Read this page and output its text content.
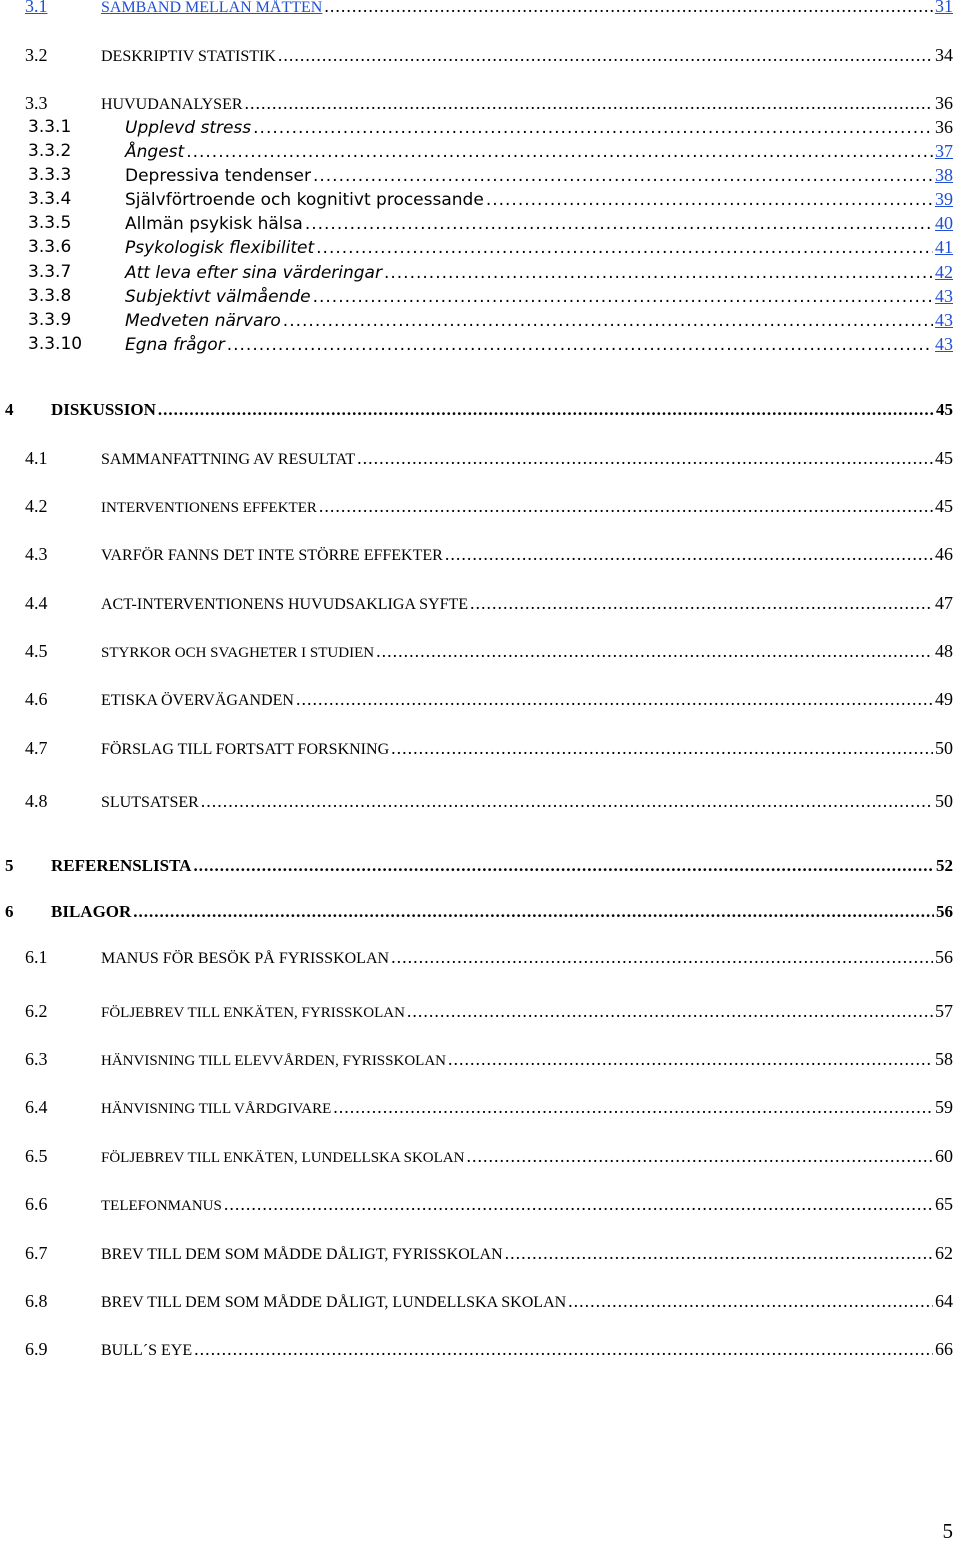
3.1	SAMBAND MELLAN MÅTTEN .....	31
3.2	DESKRIPTIV STATISTIK .....	34
3.3	HUVUDANALYSER .....	36
3.3.1	Upplevd stress .....	36
3.3.2	Ångest .....	37
3.3.3	Depressiva tendenser .....	38
3.3.4	Självförtroende och kognitivt processande .....	39
3.3.5	Allmän psykisk hälsa .....	40
3.3.6	Psykologisk flexibilitet .....	41
3.3.7	Att leva efter sina värderingar .....	42
3.3.8	Subjektivt välmående .....	43
3.3.9	Medveten närvaro .....	43
3.3.10	Egna frågor .....	43
4 DISKUSSION .....	45
4.1	SAMMANFATTNING AV RESULTAT .....	45
4.2	INTERVENTIONENS EFFEKTER .....	45
4.3	VARFÖR FANNS DET INTE STÖRRE EFFEKTER .....	46
4.4	ACT-INTERVENTIONENS HUVUDSAKLIGA SYFTE .....	47
4.5	STYRKOR OCH SVAGHETER I STUDIEN .....	48
4.6	ETISKA ÖVERVÄGANDEN .....	49
4.7	FÖRSLAG TILL FORTSATT FORSKNING .....	50
4.8	SLUTSATSER .....	50
5 REFERENSLISTA .....	52
6 BILAGOR .....	56
6.1	MANUS FÖR BESÖK PÅ FYRISSKOLAN .....	56
6.2	FÖLJEBREV TILL ENKÄTEN, FYRISSKOLAN .....	57
6.3	HÄNVISNING TILL ELEVVÅRDEN, FYRISSKOLAN .....	58
6.4	HÄNVISNING TILL VÅRDGIVARE .....	59
6.5	FÖLJEBREV TILL ENKÄTEN, LUNDELLSKA SKOLAN .....	60
6.6	TELEFONMANUS .....	65
6.7	BREV TILL DEM SOM MÅDDE DÅLIGT, FYRISSKOLAN .....	62
6.8	BREV TILL DEM SOM MÅDDE DÅLIGT, LUNDELLSKA SKOLAN .....	64
6.9	BULL´S EYE .....	66
5
